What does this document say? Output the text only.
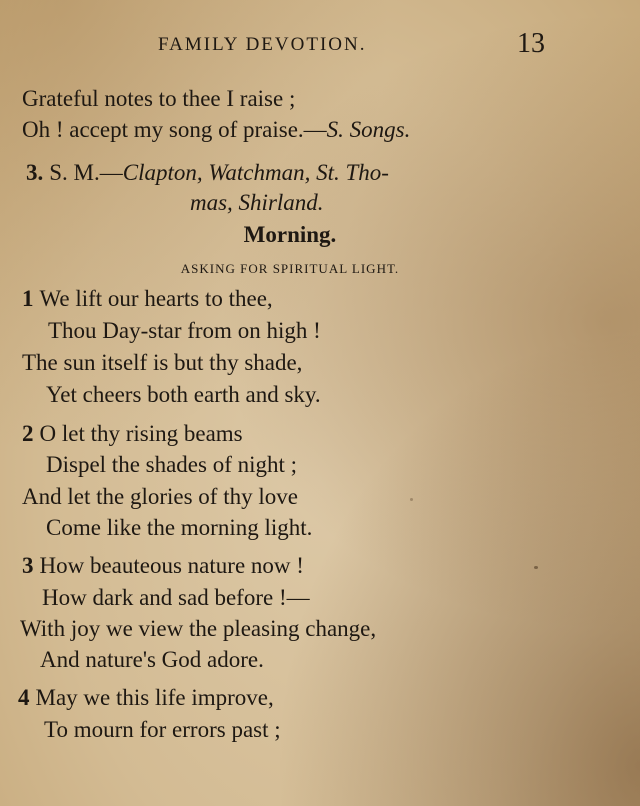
FAMILY DEVOTION.	13
Grateful notes to thee I raise ;
Oh ! accept my song of praise.—S. Songs.
3. S. M.—Clapton, Watchman, St. Tho-
mas, Shirland.
Morning.
ASKING FOR SPIRITUAL LIGHT.
1 We lift our hearts to thee,
Thou Day-star from on high !
The sun itself is but thy shade,
Yet cheers both earth and sky.
2 O let thy rising beams
Dispel the shades of night ;
And let the glories of thy love
Come like the morning light.
3 How beauteous nature now !
How dark and sad before !—
With joy we view the pleasing change,
And nature's God adore.
4 May we this life improve,
To mourn for errors past ;
